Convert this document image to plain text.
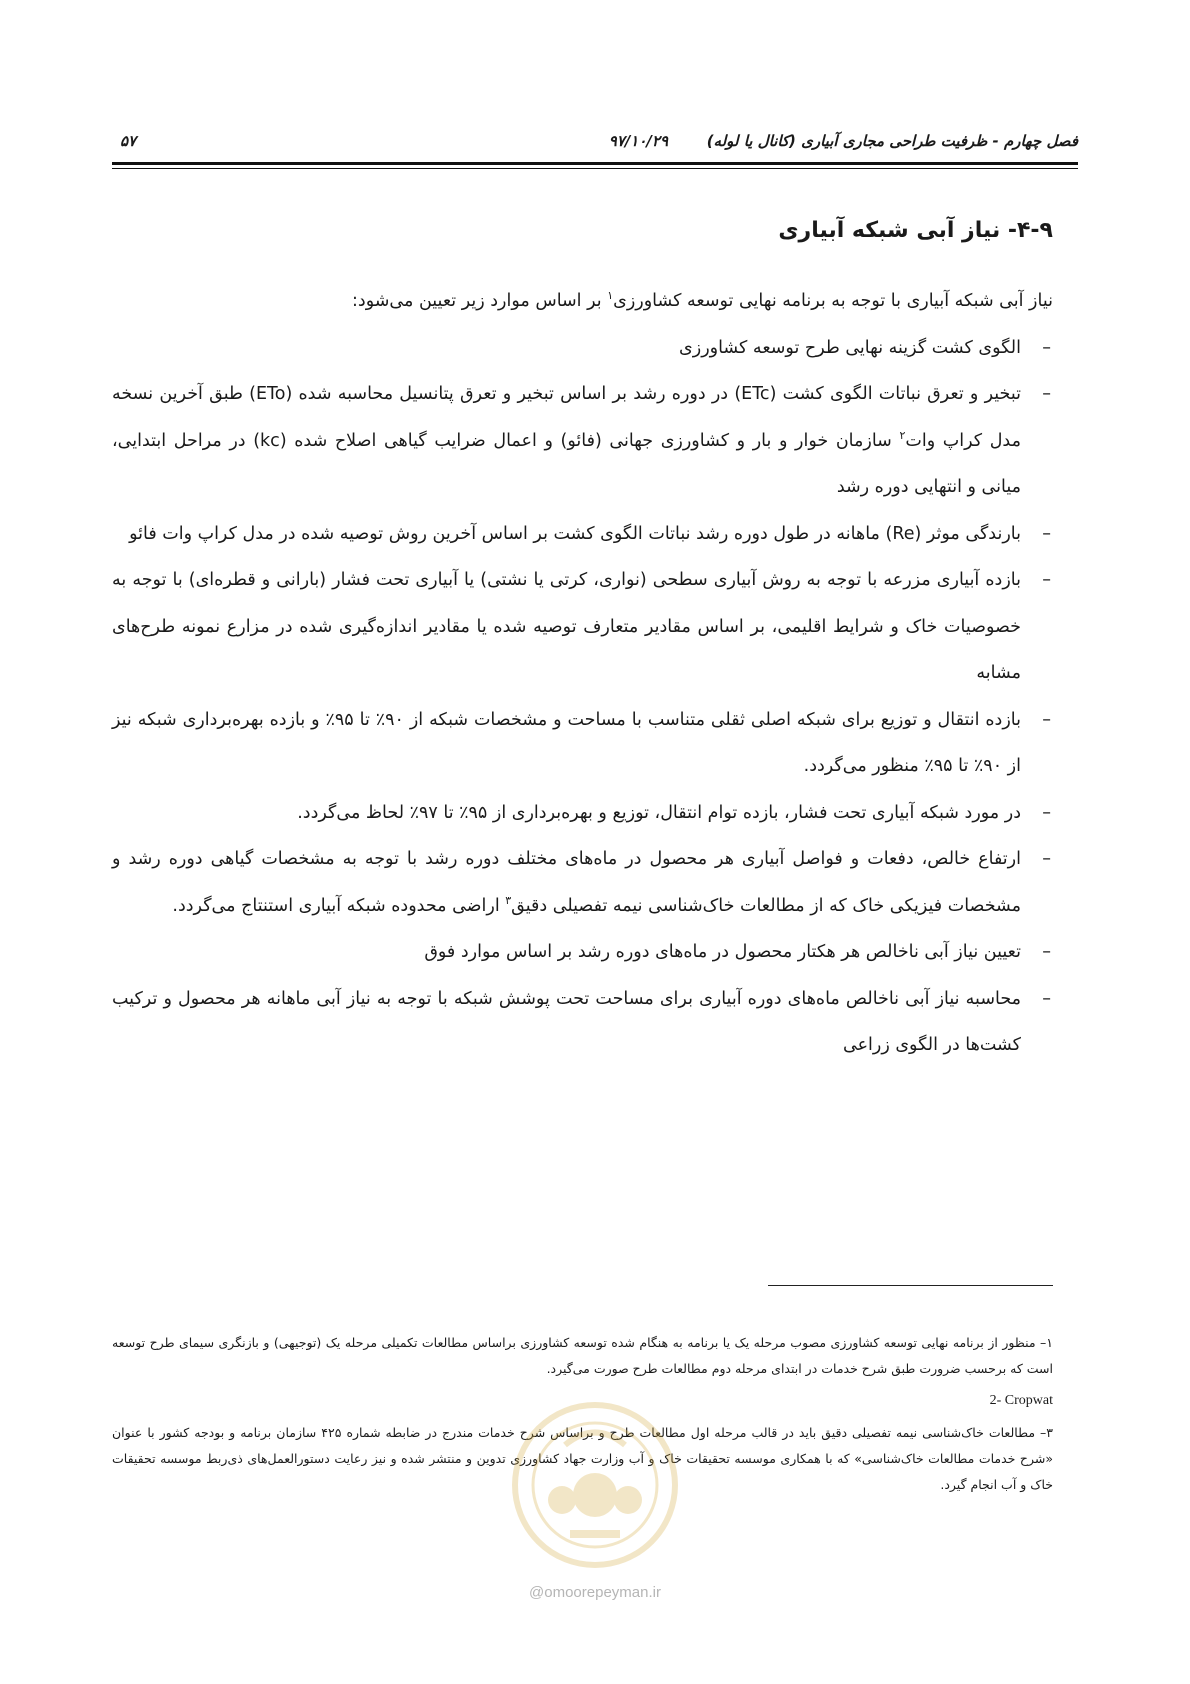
فصل چهارم - ظرفیت طراحی مجاری آبیاری (کانال یا لوله)
۹۷/۱۰/۲۹
۵۷
۴-۹- نیاز آبی شبکه آبیاری
نیاز آبی شبکه آبیاری با توجه به برنامه نهایی توسعه کشاورزی$^۱$ بر اساس موارد زیر تعیین می‌شود:
– الگوی کشت گزینه نهایی طرح توسعه کشاورزی
– تبخیر و تعرق نباتات الگوی کشت (ETc) در دوره رشد بر اساس تبخیر و تعرق پتانسیل محاسبه شده (ETo) طبق آخرین نسخه مدل کراپ وات$^۲$ سازمان خوار و بار و کشاورزی جهانی (فائو) و اعمال ضرایب گیاهی اصلاح شده (kc) در مراحل ابتدایی، میانی و انتهایی دوره رشد
– بارندگی موثر (Re) ماهانه در طول دوره رشد نباتات الگوی کشت بر اساس آخرین روش توصیه شده در مدل کراپ وات فائو
– بازده آبیاری مزرعه با توجه به روش آبیاری سطحی (نواری، کرتی یا نشتی) یا آبیاری تحت فشار (بارانی و قطره‌ای) با توجه به خصوصیات خاک و شرایط اقلیمی، بر اساس مقادیر متعارف توصیه شده یا مقادیر اندازه‌گیری شده در مزارع نمونه طرح‌های مشابه
– بازده انتقال و توزیع برای شبکه اصلی ثقلی متناسب با مساحت و مشخصات شبکه از ۹۰٪ تا ۹۵٪ و بازده بهره‌برداری شبکه نیز از ۹۰٪ تا ۹۵٪ منظور می‌گردد.
– در مورد شبکه آبیاری تحت فشار، بازده توام انتقال، توزیع و بهره‌برداری از ۹۵٪ تا ۹۷٪ لحاظ می‌گردد.
– ارتفاع خالص، دفعات و فواصل آبیاری هر محصول در ماه‌های مختلف دوره رشد با توجه به مشخصات گیاهی دوره رشد و مشخصات فیزیکی خاک که از مطالعات خاک‌شناسی نیمه تفصیلی دقیق$^۳$ اراضی محدوده شبکه آبیاری استنتاج می‌گردد.
– تعیین نیاز آبی ناخالص هر هکتار محصول در ماه‌های دوره رشد بر اساس موارد فوق
– محاسبه نیاز آبی ناخالص ماه‌های دوره آبیاری برای مساحت تحت پوشش شبکه با توجه به نیاز آبی ماهانه هر محصول و ترکیب کشت‌ها در الگوی زراعی

۱– منظور از برنامه نهایی توسعه کشاورزی مصوب مرحله یک یا برنامه به هنگام شده توسعه کشاورزی براساس مطالعات تکمیلی مرحله یک (توجیهی) و بازنگری سیمای طرح توسعه است که برحسب ضرورت طبق شرح خدمات در ابتدای مرحله دوم مطالعات طرح صورت می‌گیرد.

2- Cropwat

۳– مطالعات خاک‌شناسی نیمه تفصیلی دقیق باید در قالب مرحله اول مطالعات طرح و براساس شرح خدمات مندرج در ضابطه شماره ۴۲۵ سازمان برنامه و بودجه کشور با عنوان «شرح خدمات مطالعات خاک‌شناسی» که با همکاری موسسه تحقیقات خاک و آب وزارت جهاد کشاورزی تدوین و منتشر شده و نیز رعایت دستورالعمل‌های ذی‌ربط موسسه تحقیقات خاک و آب انجام گیرد.

@omoorepeyman.ir
